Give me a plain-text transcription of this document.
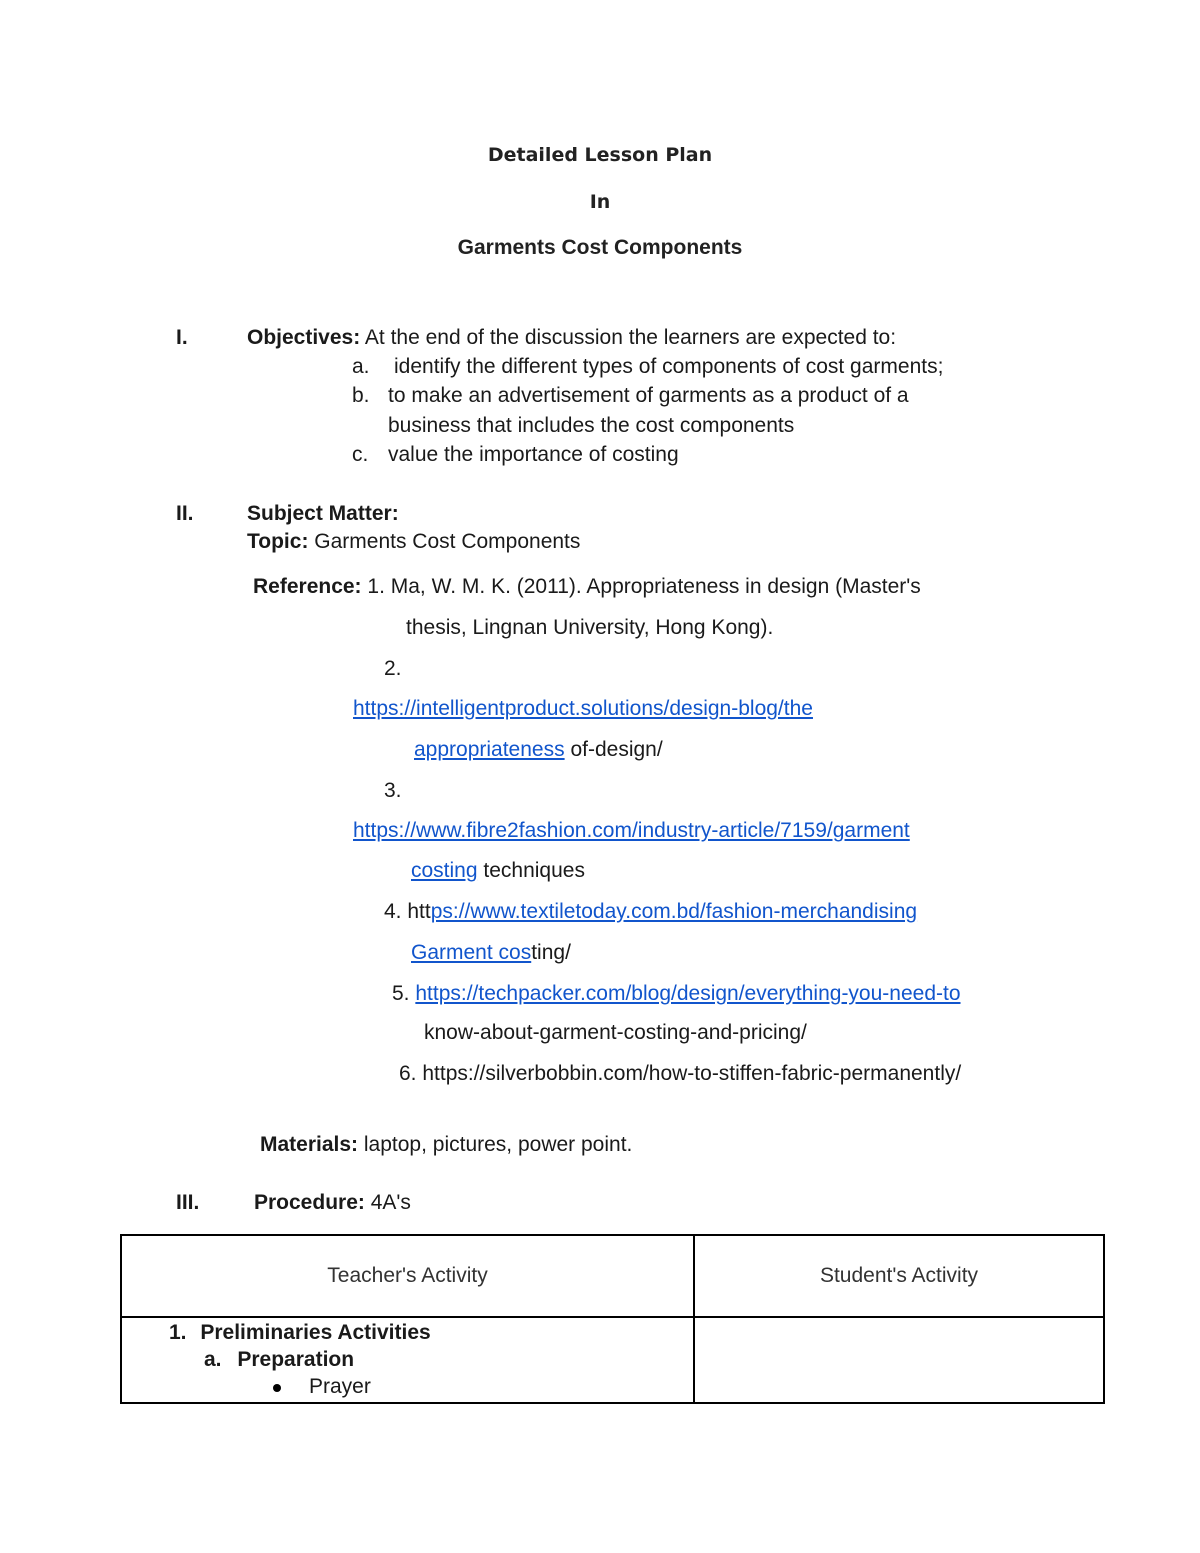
Detailed Lesson Plan
In
Garments Cost Components
I.	Objectives: At the end of the discussion the learners are expected to:
a. identify the different types of components of cost garments;
b. to make an advertisement of garments as a product of a
business that includes the cost components
c. value the importance of costing
II.	Subject Matter:
Topic: Garments Cost Components
Reference: 1. Ma, W. M. K. (2011). Appropriateness in design (Master's
thesis, Lingnan University, Hong Kong).
2.
https://intelligentproduct.solutions/design-blog/the
appropriateness of-design/
3.
https://www.fibre2fashion.com/industry-article/7159/garment
costing techniques
4. https://www.textiletoday.com.bd/fashion-merchandising
Garment costing/
5. https://techpacker.com/blog/design/everything-you-need-to
know-about-garment-costing-and-pricing/
6. https://silverbobbin.com/how-to-stiffen-fabric-permanently/
Materials: laptop, pictures, power point.
III.	Procedure: 4A's
Teacher's Activity	Student's Activity

1. Preliminaries Activities
a. Preparation
Prayer	
